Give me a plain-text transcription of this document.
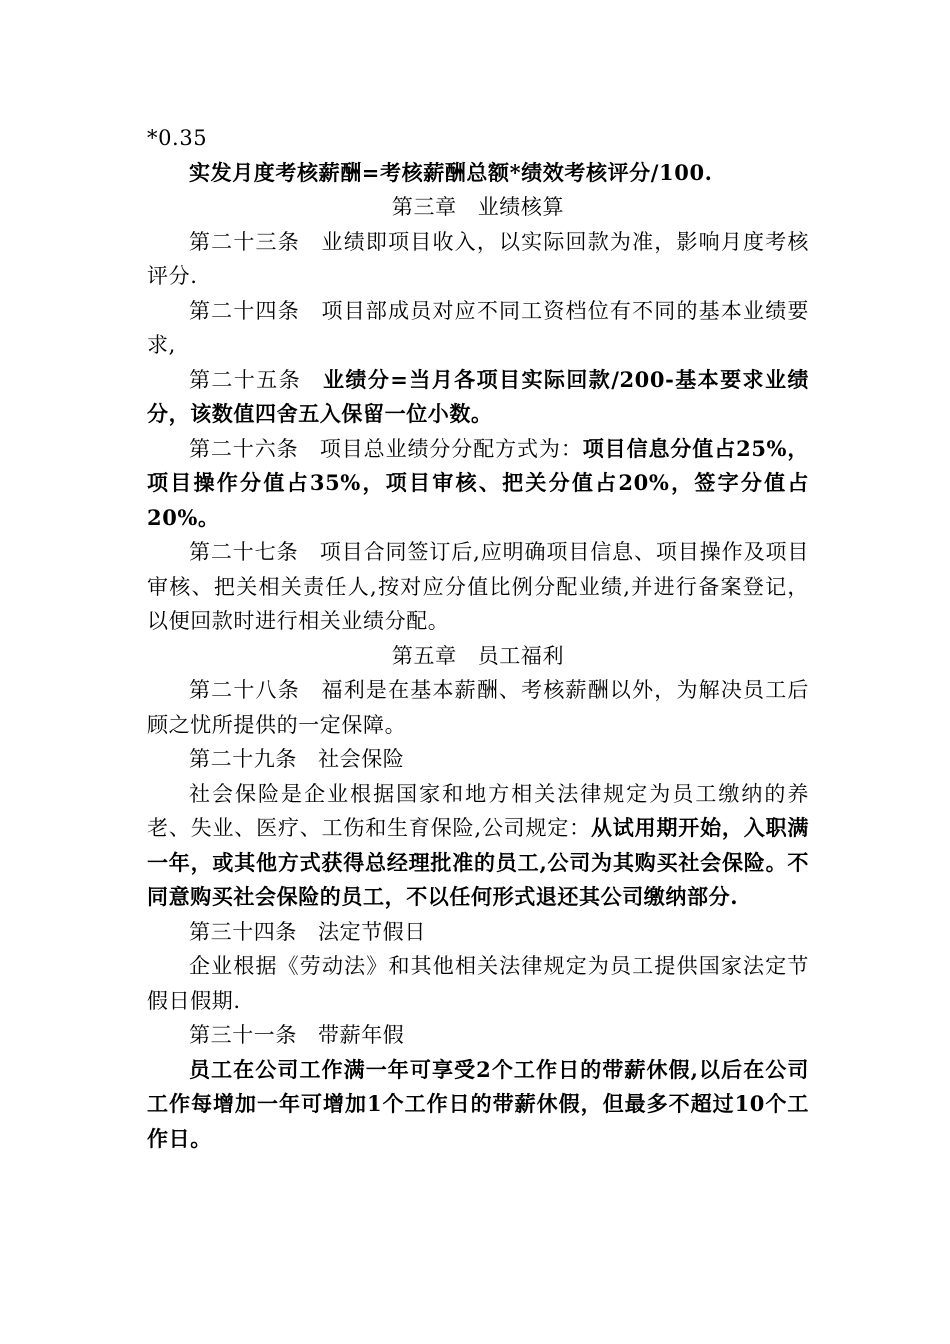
*0.35

实发月度考核薪酬=考核薪酬总额*绩效考核评分/100.

第三章 业绩核算

第二十三条 业绩即项目收入，以实际回款为准，影响月度考核评分.

第二十四条 项目部成员对应不同工资档位有不同的基本业绩要求,

第二十五条 业绩分=当月各项目实际回款/200-基本要求业绩分，该数值四舍五入保留一位小数。

第二十六条 项目总业绩分分配方式为：项目信息分值占25%，项目操作分值占35%，项目审核、把关分值占20%，签字分值占20%。

第二十七条 项目合同签订后,应明确项目信息、项目操作及项目审核、把关相关责任人,按对应分值比例分配业绩,并进行备案登记，以便回款时进行相关业绩分配。

第五章 员工福利

第二十八条 福利是在基本薪酬、考核薪酬以外，为解决员工后顾之忧所提供的一定保障。

第二十九条 社会保险

社会保险是企业根据国家和地方相关法律规定为员工缴纳的养老、失业、医疗、工伤和生育保险,公司规定：从试用期开始，入职满一年，或其他方式获得总经理批准的员工,公司为其购买社会保险。不同意购买社会保险的员工，不以任何形式退还其公司缴纳部分.

第三十四条 法定节假日

企业根据《劳动法》和其他相关法律规定为员工提供国家法定节假日假期.

第三十一条 带薪年假

员工在公司工作满一年可享受2个工作日的带薪休假,以后在公司工作每增加一年可增加1个工作日的带薪休假，但最多不超过10个工作日。
